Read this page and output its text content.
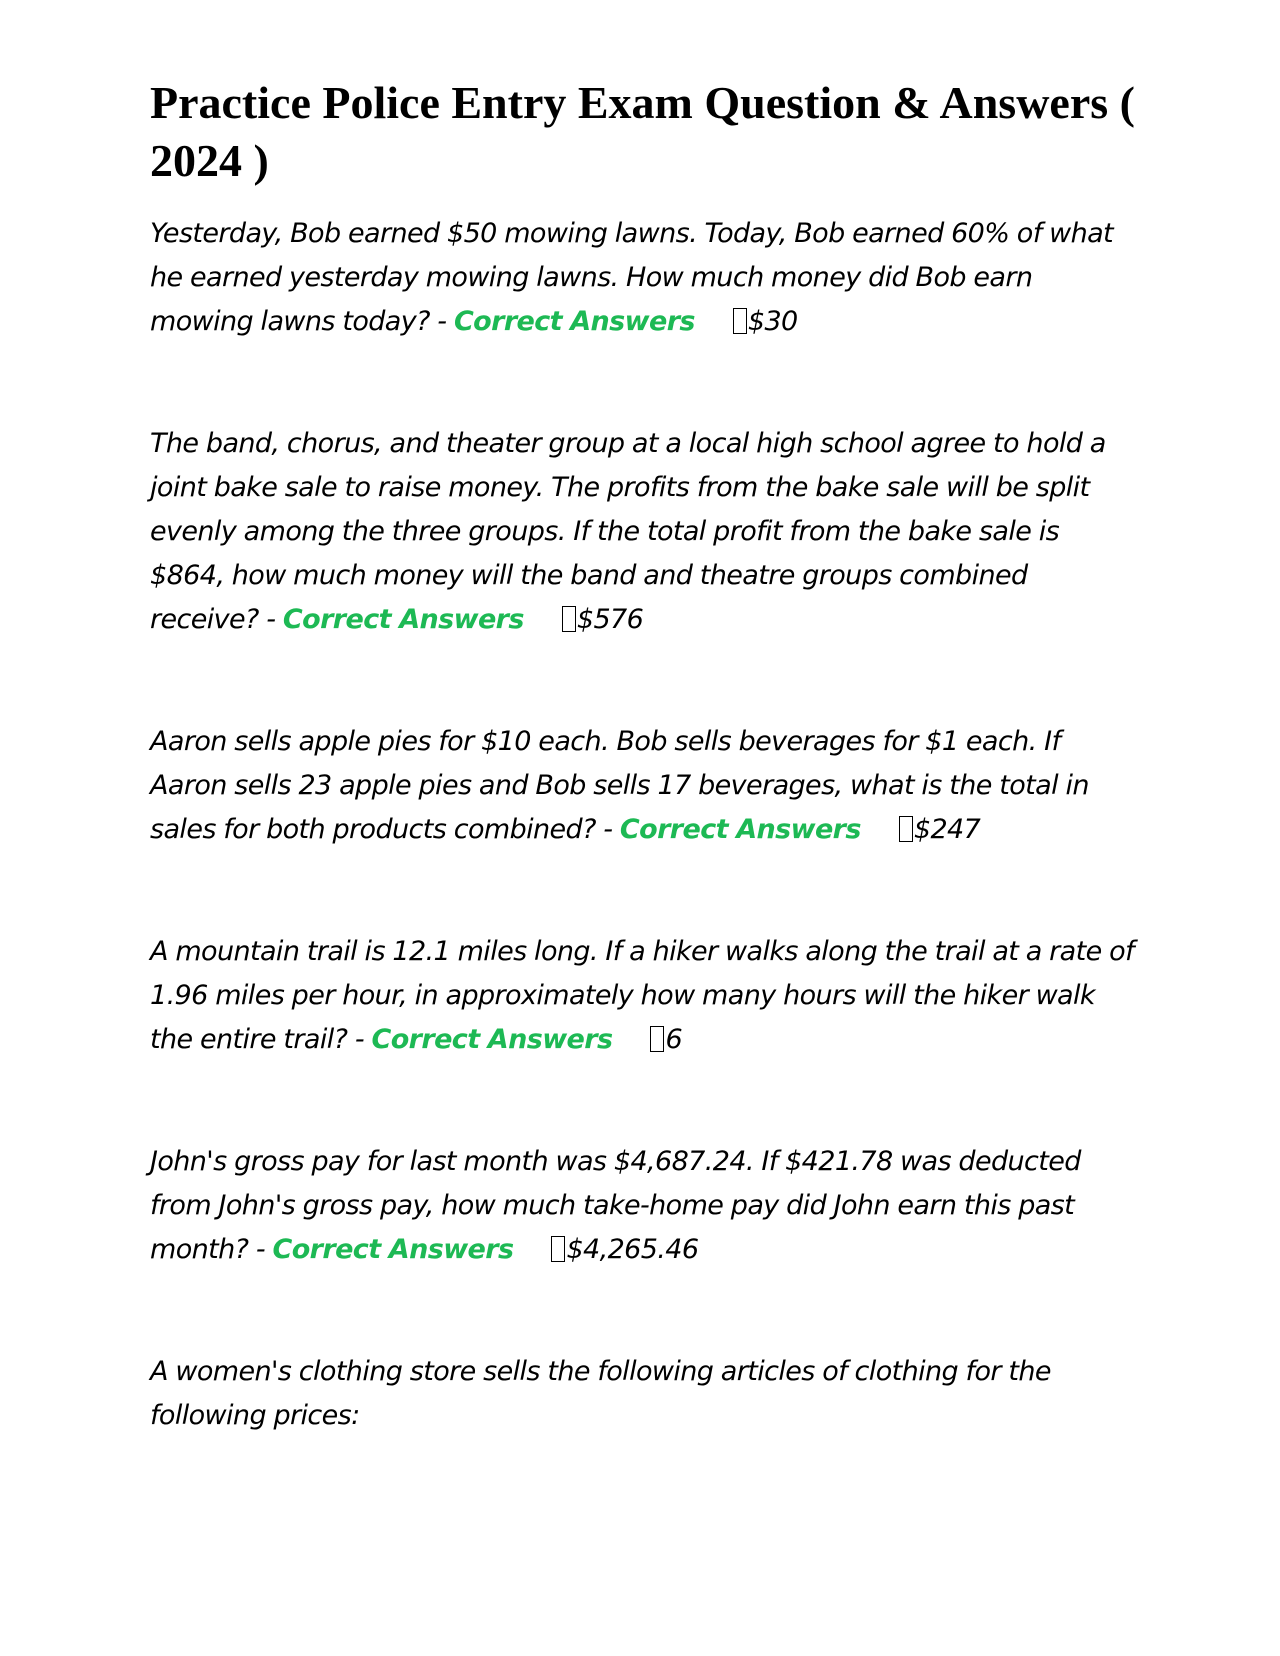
Practice Police Entry Exam Question & Answers ( 2024 )

Yesterday, Bob earned $50 mowing lawns. Today, Bob earned 60% of what he earned yesterday mowing lawns. How much money did Bob earn mowing lawns today? - Correct Answers $30

The band, chorus, and theater group at a local high school agree to hold a joint bake sale to raise money. The profits from the bake sale will be split evenly among the three groups. If the total profit from the bake sale is $864, how much money will the band and theatre groups combined receive? - Correct Answers $576

Aaron sells apple pies for $10 each. Bob sells beverages for $1 each. If Aaron sells 23 apple pies and Bob sells 17 beverages, what is the total in sales for both products combined? - Correct Answers $247

A mountain trail is 12.1 miles long. If a hiker walks along the trail at a rate of 1.96 miles per hour, in approximately how many hours will the hiker walk the entire trail? - Correct Answers 6

John's gross pay for last month was $4,687.24. If $421.78 was deducted from John's gross pay, how much take-home pay did John earn this past month? - Correct Answers $4,265.46

A women's clothing store sells the following articles of clothing for the following prices:
